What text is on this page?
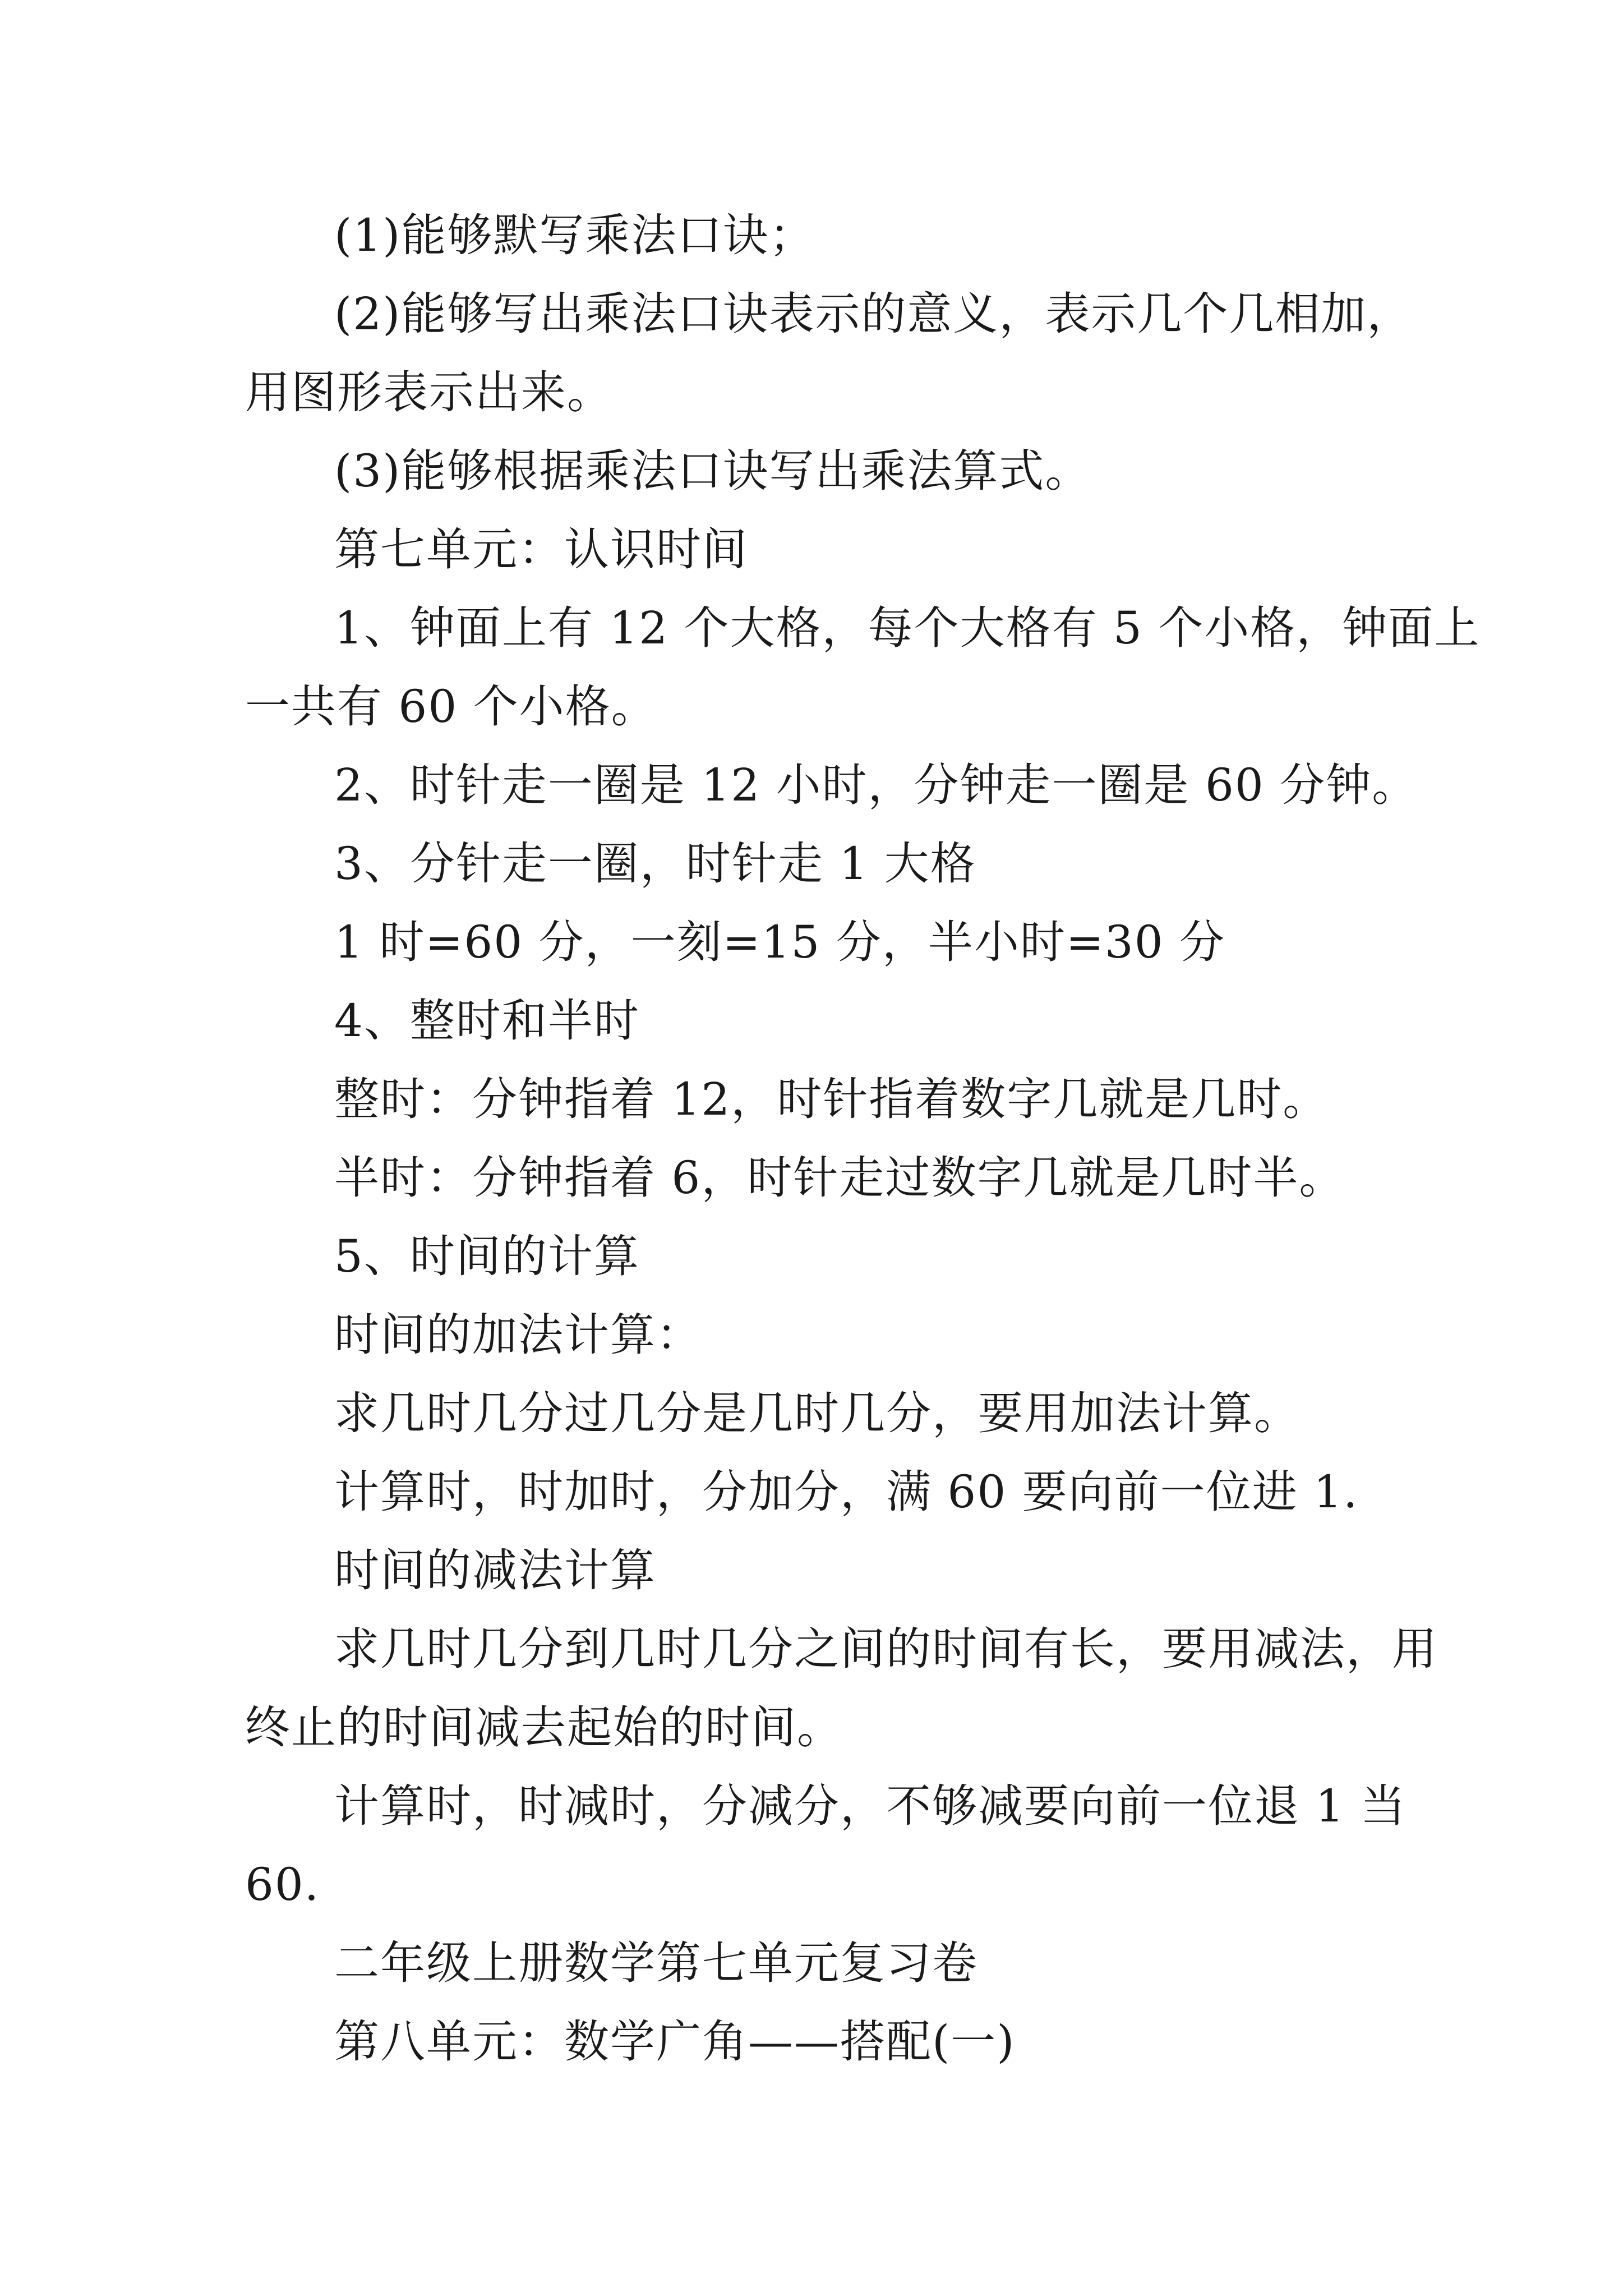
(1)能够默写乘法口诀；
(2)能够写出乘法口诀表示的意义，表示几个几相加，
用图形表示出来。
(3)能够根据乘法口诀写出乘法算式。
第七单元：认识时间
1、钟面上有 12 个大格，每个大格有 5 个小格，钟面上
一共有 60 个小格。
2、时针走一圈是 12 小时，分钟走一圈是 60 分钟。
3、分针走一圈，时针走 1 大格
1 时=60 分，一刻=15 分，半小时=30 分
4、整时和半时
整时：分钟指着 12，时针指着数字几就是几时。
半时：分钟指着 6，时针走过数字几就是几时半。
5、时间的计算
时间的加法计算：
求几时几分过几分是几时几分，要用加法计算。
计算时，时加时，分加分，满 60 要向前一位进 1.
时间的减法计算
求几时几分到几时几分之间的时间有长，要用减法，用
终止的时间减去起始的时间。
计算时，时减时，分减分，不够减要向前一位退 1 当
60.
二年级上册数学第七单元复习卷
第八单元：数学广角——搭配(一)
